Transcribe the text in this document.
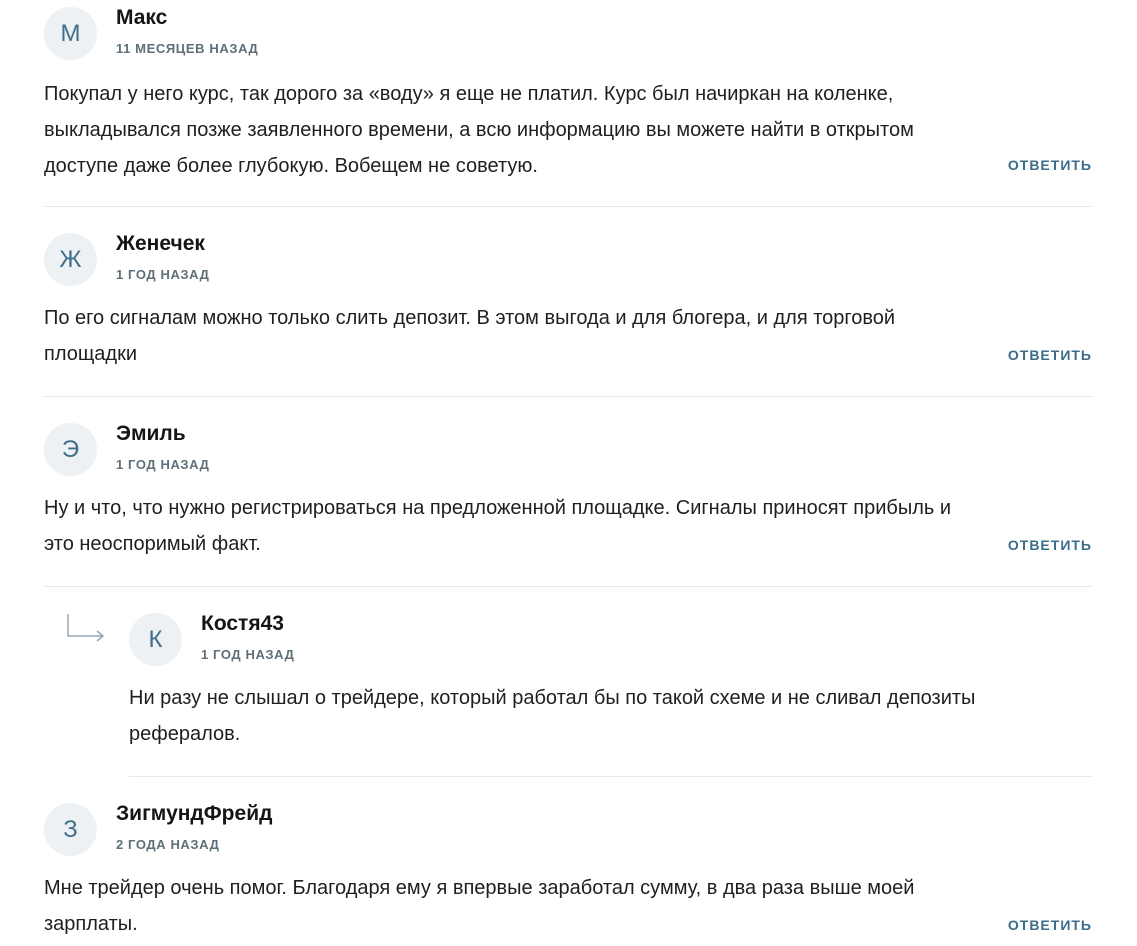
М
Макс
11 МЕСЯЦЕВ НАЗАД

Покупал у него курс, так дорого за «воду» я еще не платил. Курс был начиркан на коленке, выкладывался позже заявленного времени, а всю информацию вы можете найти в открытом доступе даже более глубокую. Вобещем не советую.	ОТВЕТИТЬ
Ж
Женечек
1 ГОД НАЗАД

По его сигналам можно только слить депозит. В этом выгода и для блогера, и для торговой площадки	ОТВЕТИТЬ
Э
Эмиль
1 ГОД НАЗАД

Ну и что, что нужно регистрироваться на предложенной площадке. Сигналы приносят прибыль и это неоспоримый факт.	ОТВЕТИТЬ
К
Костя43
1 ГОД НАЗАД

Ни разу не слышал о трейдере, который работал бы по такой схеме и не сливал депозиты рефералов.

З
ЗигмундФрейд
2 ГОДА НАЗАД

Мне трейдер очень помог. Благодаря ему я впервые заработал сумму, в два раза выше моей зарплаты.	ОТВЕТИТЬ
